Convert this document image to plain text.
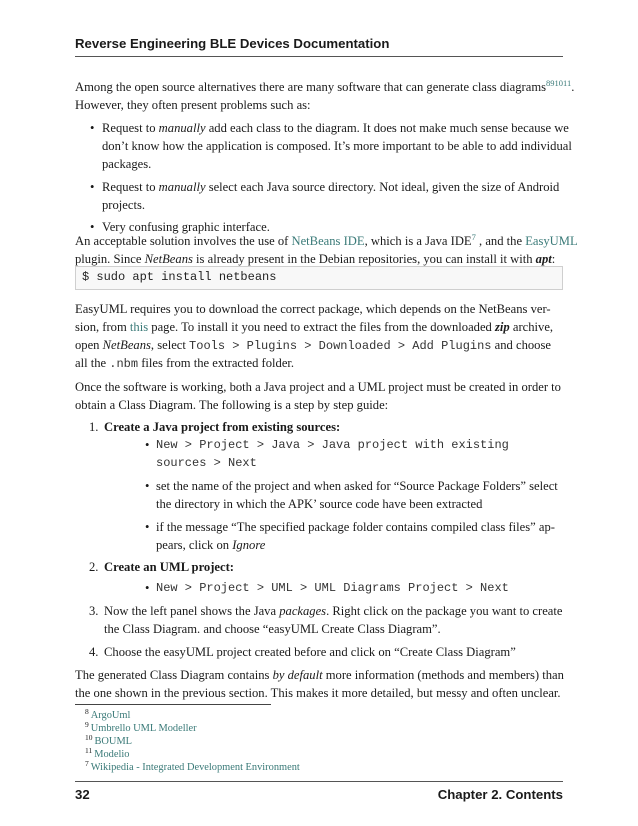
Reverse Engineering BLE Devices Documentation
Among the open source alternatives there are many software that can generate class diagrams$^{891011}$.
However, they often present problems such as:
• Request to manually add each class to the diagram. It does not make much sense because we
don’t know how the application is composed. It’s more important to be able to add individual
packages.
• Request to manually select each Java source directory. Not ideal, given the size of Android
projects.
• Very confusing graphic interface.
An acceptable solution involves the use of NetBeans IDE, which is a Java IDE$^7$ , and the EasyUML
plugin. Since NetBeans is already present in the Debian repositories, you can install it with apt:
$ sudo apt install netbeans
EasyUML requires you to download the correct package, which depends on the NetBeans ver-
sion, from this page. To install it you need to extract the files from the downloaded zip archive,
open NetBeans, select Tools > Plugins > Downloaded > Add Plugins and choose
all the .nbm files from the extracted folder.
Once the software is working, both a Java project and a UML project must be created in order to
obtain a Class Diagram. The following is a step by step guide:
1. Create a Java project from existing sources:
• New > Project > Java > Java project with existing
sources > Next
• set the name of the project and when asked for “Source Package Folders” select
the directory in which the APK’ source code have been extracted
• if the message “The specified package folder contains compiled class files” ap-
pears, click on Ignore
2. Create an UML project:
• New > Project > UML > UML Diagrams Project > Next
3. Now the left panel shows the Java packages. Right click on the package you want to create
the Class Diagram. and choose “easyUML Create Class Diagram”.
4. Choose the easyUML project created before and click on “Create Class Diagram”
The generated Class Diagram contains by default more information (methods and members) than
the one shown in the previous section. This makes it more detailed, but messy and often unclear.
$^8$ ArgoUml
$^9$ Umbrello UML Modeller
$^{10}$ BOUML
$^{11}$ Modelio
32	Chapter 2. Contents
$^7$ Wikipedia - Integrated Development Environment
